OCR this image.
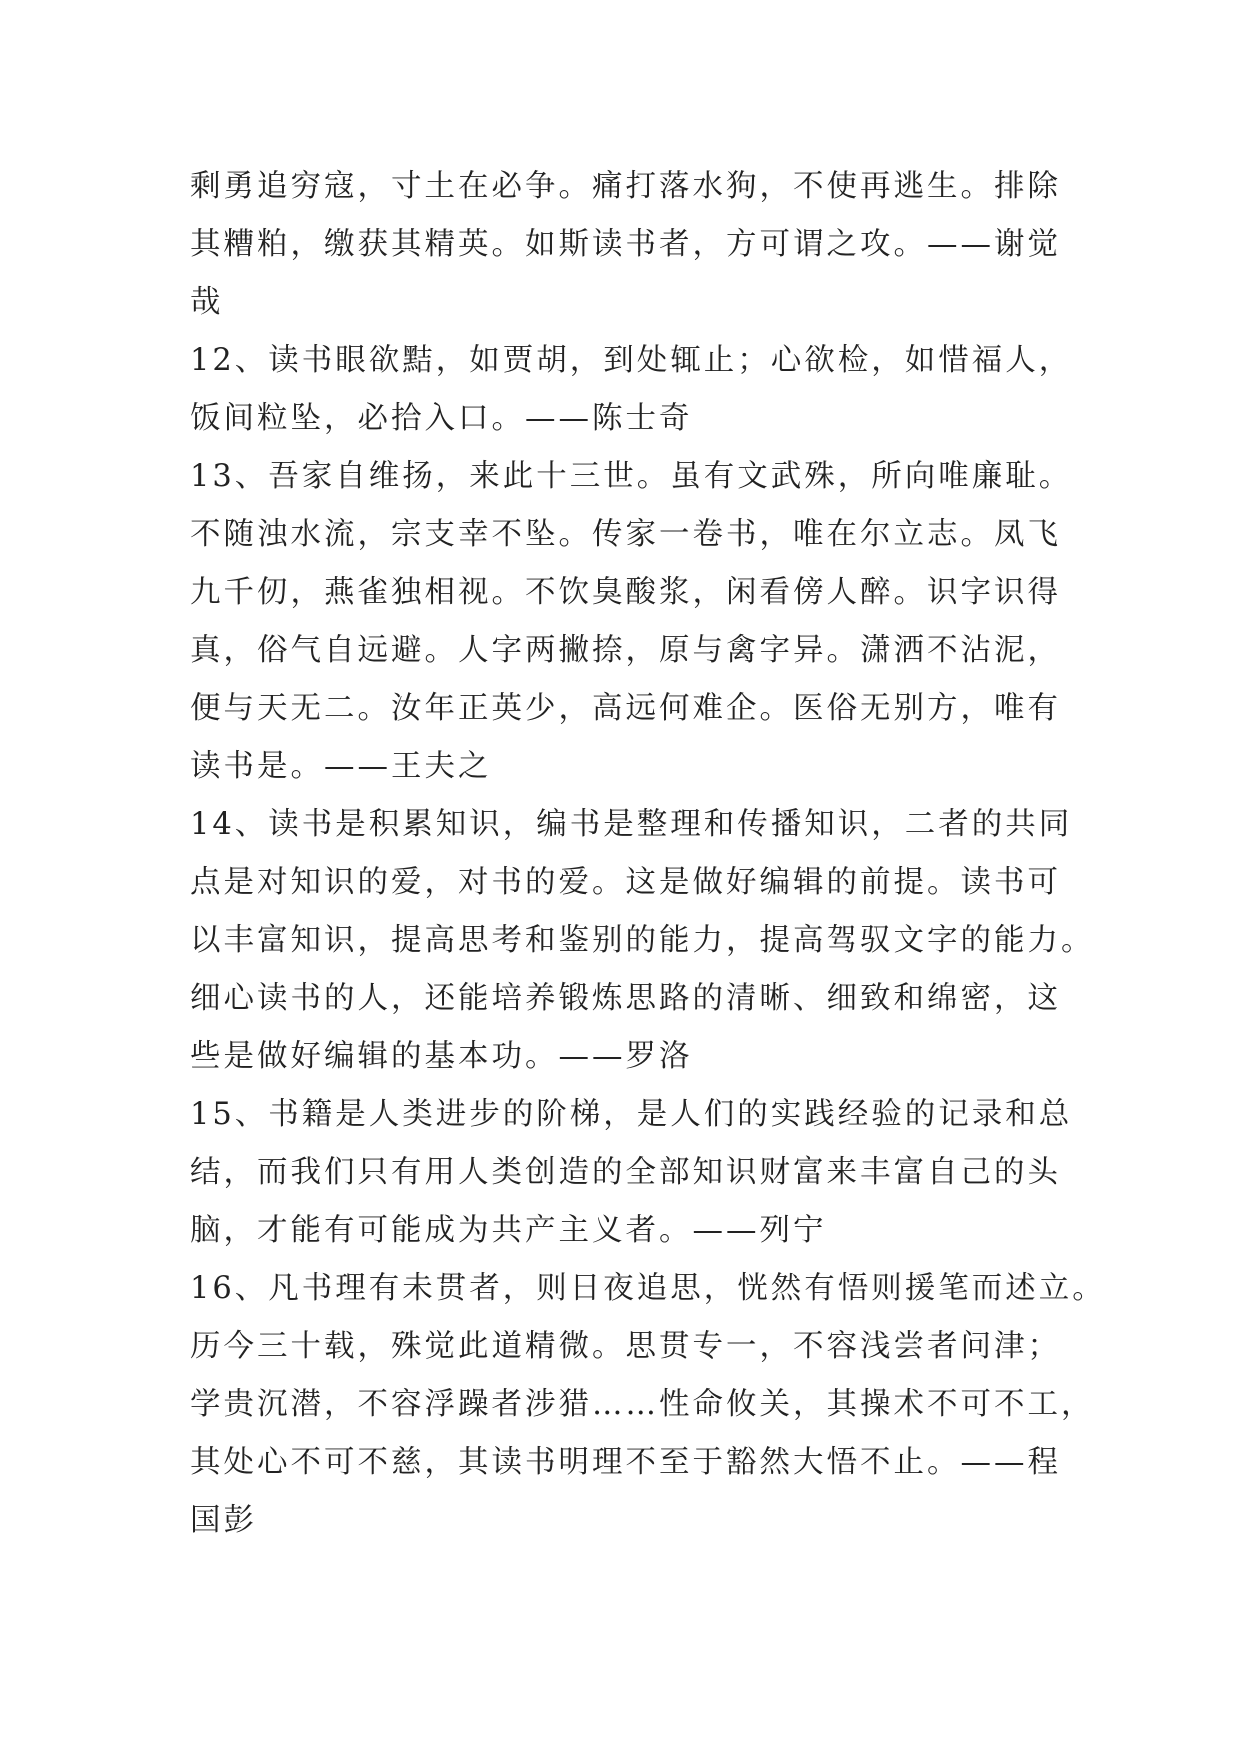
剩勇追穷寇，寸土在必争。痛打落水狗，不使再逃生。排除
其糟粕，缴获其精英。如斯读书者，方可谓之攻。——谢觉
哉
12、读书眼欲黠，如贾胡，到处辄止；心欲检，如惜福人，
饭间粒坠，必拾入口。——陈士奇
13、吾家自维扬，来此十三世。虽有文武殊，所向唯廉耻。
不随浊水流，宗支幸不坠。传家一卷书，唯在尔立志。凤飞
九千仞，燕雀独相视。不饮臭酸浆，闲看傍人醉。识字识得
真，俗气自远避。人字两撇捺，原与禽字异。潇洒不沾泥，
便与天无二。汝年正英少，高远何难企。医俗无别方，唯有
读书是。——王夫之
14、读书是积累知识，编书是整理和传播知识，二者的共同
点是对知识的爱，对书的爱。这是做好编辑的前提。读书可
以丰富知识，提高思考和鉴别的能力，提高驾驭文字的能力。
细心读书的人，还能培养锻炼思路的清晰、细致和绵密，这
些是做好编辑的基本功。——罗洛
15、书籍是人类进步的阶梯，是人们的实践经验的记录和总
结，而我们只有用人类创造的全部知识财富来丰富自己的头
脑，才能有可能成为共产主义者。——列宁
16、凡书理有未贯者，则日夜追思，恍然有悟则援笔而述立。
历今三十载，殊觉此道精微。思贯专一，不容浅尝者问津；
学贵沉潜，不容浮躁者涉猎……性命攸关，其操术不可不工，
其处心不可不慈，其读书明理不至于豁然大悟不止。——程
国彭
